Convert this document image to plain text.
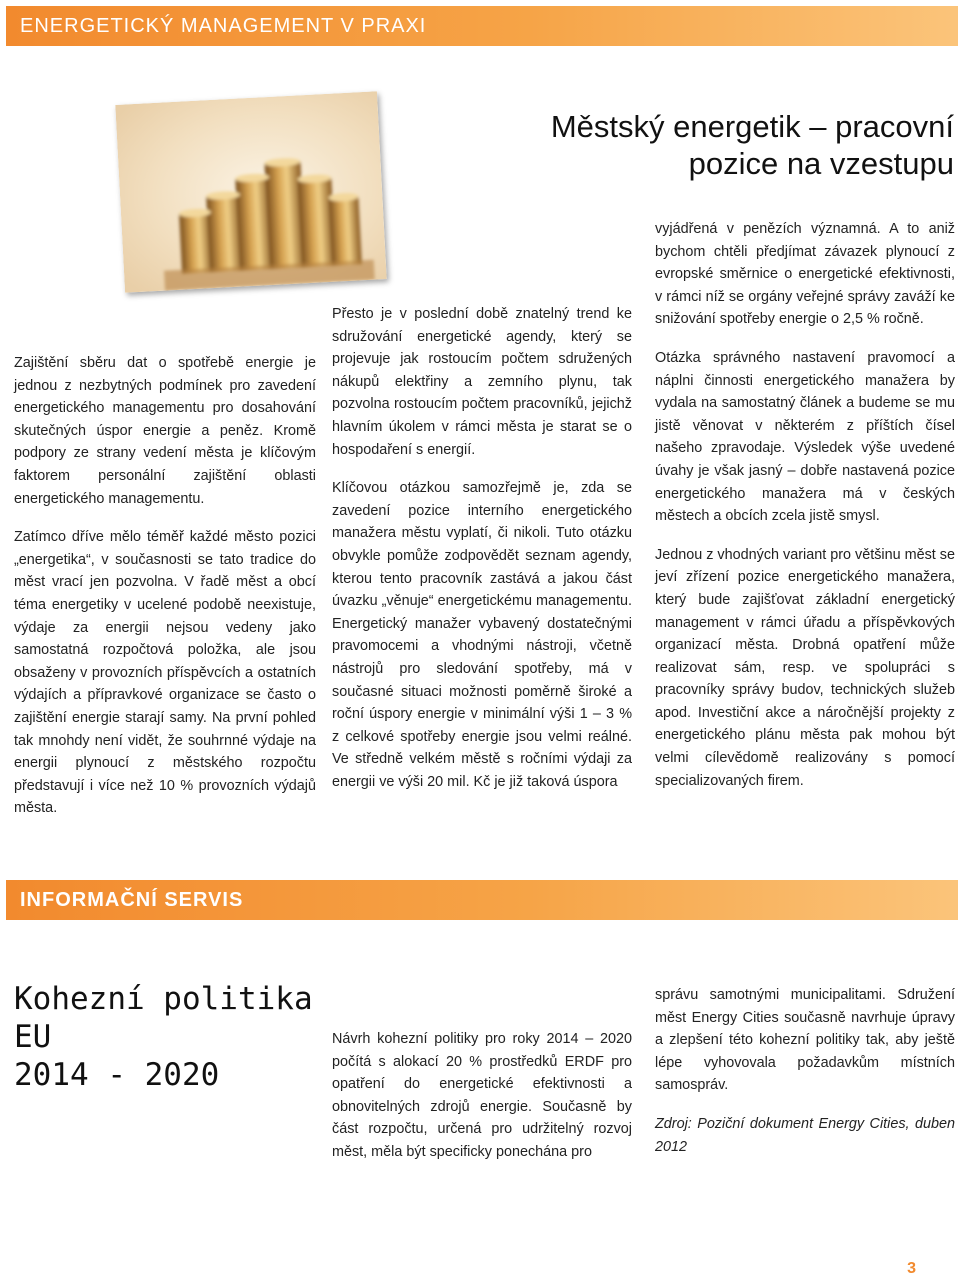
ENERGETICKÝ MANAGEMENT V PRAXI
Městský energetik – pracovní
pozice na vzestupu

Zajištění sběru dat o spotřebě energie je jednou z nezbytných podmínek pro zavedení energetického managementu pro dosahování skutečných úspor energie a peněz. Kromě podpory ze strany vedení města je klíčovým faktorem personální zajištění oblasti energetického managementu.

Zatímco dříve mělo téměř každé město pozici „energetika“, v současnosti se tato tradice do měst vrací jen pozvolna. V řadě měst a obcí téma energetiky v ucelené podobě neexistuje, výdaje za energii nejsou vedeny jako samostatná rozpočtová položka, ale jsou obsaženy v provozních příspěvcích a ostatních výdajích a přípravkové organizace se často o zajištění energie starají samy. Na první pohled tak mnohdy není vidět, že souhrnné výdaje na energii plynoucí z městského rozpočtu představují i více než 10 % provozních výdajů města.

Přesto je v poslední době znatelný trend ke sdružování energetické agendy, který se projevuje jak rostoucím počtem sdružených nákupů elektřiny a zemního plynu, tak pozvolna rostoucím počtem pracovníků, jejichž hlavním úkolem v rámci města je starat se o hospodaření s energií.

Klíčovou otázkou samozřejmě je, zda se zavedení pozice interního energetického manažera městu vyplatí, či nikoli. Tuto otázku obvykle pomůže zodpovědět seznam agendy, kterou tento pracovník zastává a jakou část úvazku „věnuje“ energetickému managementu. Energetický manažer vybavený dostatečnými pravomocemi a vhodnými nástroji, včetně nástrojů pro sledování spotřeby, má v současné situaci možnosti poměrně široké a roční úspory energie v minimální výši 1 – 3 % z celkové spotřeby energie jsou velmi reálné. Ve středně velkém městě s ročními výdaji za energii ve výši 20 mil. Kč je již taková úspora

vyjádřená v penězích významná. A to aniž bychom chtěli předjímat závazek plynoucí z evropské směrnice o energetické efektivnosti, v rámci níž se orgány veřejné správy zaváží ke snižování spotřeby energie o 2,5 % ročně.

Otázka správného nastavení pravomocí a náplni činnosti energetického manažera by vydala na samostatný článek a budeme se mu jistě věnovat v některém z příštích čísel našeho zpravodaje. Výsledek výše uvedené úvahy je však jasný – dobře nastavená pozice energetického manažera má v českých městech a obcích zcela jistě smysl.

Jednou z vhodných variant pro většinu měst se jeví zřízení pozice energetického manažera, který bude zajišťovat základní energetický management v rámci úřadu a příspěvkových organizací města. Drobná opatření může realizovat sám, resp. ve spolupráci s pracovníky správy budov, technických služeb apod. Investiční akce a náročnější projekty z energetického plánu města pak mohou být velmi cílevědomě realizovány s pomocí specializovaných firem.

INFORMAČNÍ SERVIS
Kohezní politika EU
2014 - 2020

Návrh kohezní politiky pro roky 2014 – 2020 počítá s alokací 20 % prostředků ERDF pro opatření do energetické efektivnosti a obnovitelných zdrojů energie. Současně by část rozpočtu, určená pro udržitelný rozvoj měst, měla být specificky ponechána pro

správu samotnými municipalitami. Sdružení měst Energy Cities současně navrhuje úpravy a zlepšení této kohezní politiky tak, aby ještě lépe vyhovovala požadavkům místních samospráv.

Zdroj: Poziční dokument Energy Cities, duben 2012

3
